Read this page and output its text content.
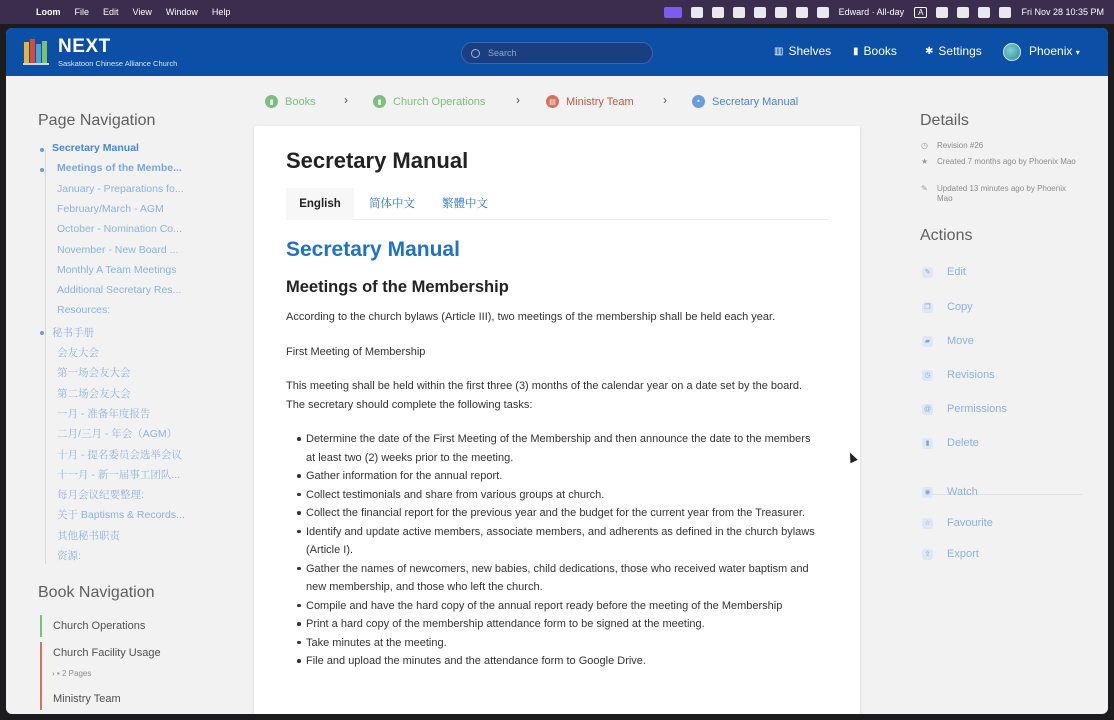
Loom File Edit View Window Help	Edward · All-day	A	Fri Nov 28 10:35 PM
NEXT
Saskatoon Chinese Alliance Church
Search
▥ Shelves ▮ Books	✱ Settings	Phoenix ▾
Page Navigation
Secretary Manual
Meetings of the Membe...
January - Preparations fo...
February/March - AGM
October - Nomination Co...
November - New Board ...
Monthly A Team Meetings
Additional Secretary Res...
Resources:
秘书手册
会友大会
第一场会友大会
第二场会友大会
一月 - 准备年度报告
二月/三月 - 年会（AGM）
十月 - 提名委员会选举会议
十一月 - 新一届事工团队...
每月会议纪要整理:
关于 Baptisms & Records...
其他秘书职责
资源:
Book Navigation
Church Operations
Church Facility Usage
› ▪ 2 Pages
Ministry Team
▮	Books ›	▮	Church Operations	›	▤ Ministry Team ›	▪	Secretary Manual
Secretary Manual
English	简体中文 繁體中文
Secretary Manual
Meetings of the Membership
According to the church bylaws (Article III), two meetings of the membership shall be held each year.
First Meeting of Membership
This meeting shall be held within the first three (3) months of the calendar year on a date set by the board. The secretary should complete the following tasks:
Determine the date of the First Meeting of the Membership and then announce the date to the members at least two (2) weeks prior to the meeting.
Gather information for the annual report.
Collect testimonials and share from various groups at church.
Collect the financial report for the previous year and the budget for the current year from the Treasurer.
Identify and update active members, associate members, and adherents as defined in the church bylaws (Article I).
Gather the names of newcomers, new babies, child dedications, those who received water baptism and new membership, and those who left the church.
Compile and have the hard copy of the annual report ready before the meeting of the Membership
Print a hard copy of the membership attendance form to be signed at the meeting.
Take minutes at the meeting.
File and upload the minutes and the attendance form to Google Drive.
Details
◷	Revision #26
★	Created 7 months ago by Phoenix Mao
✎	Updated 13 minutes ago by Phoenix Mao
Actions
✎ Edit
❐ Copy
▰ Move
◷ Revisions
@ Permissions
▮	Delete
◉ Watch
☆ Favourite
⇪ Export
